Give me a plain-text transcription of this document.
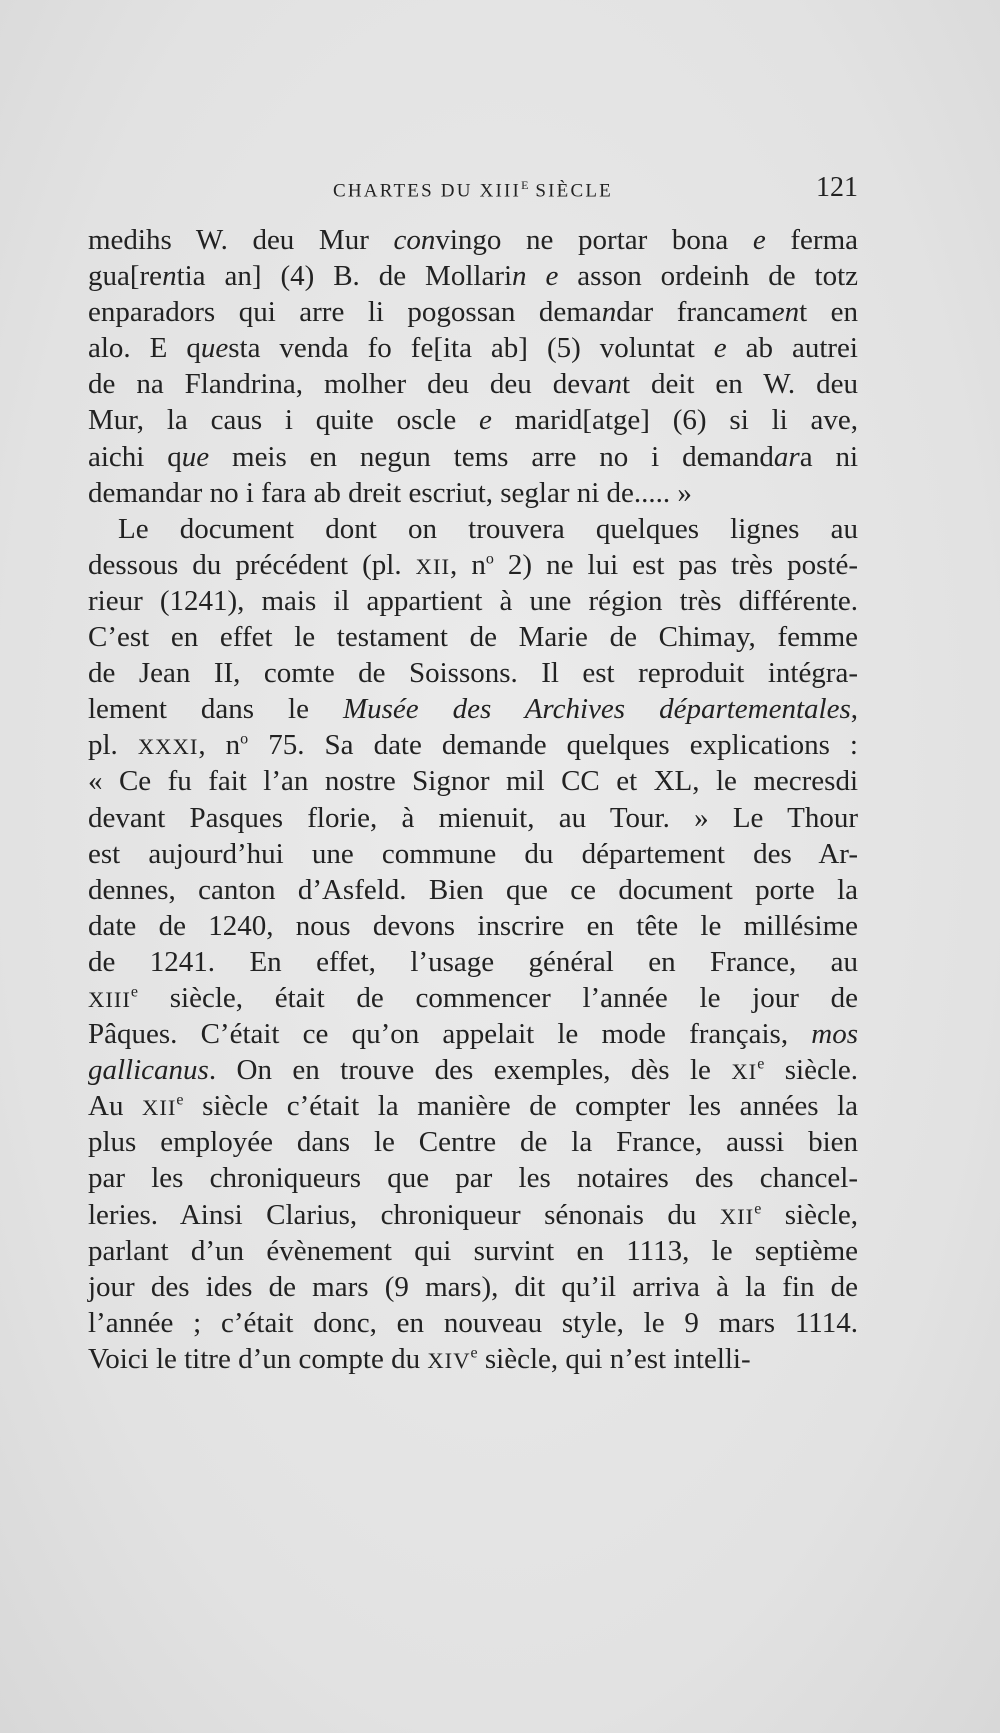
CHARTES DU $XIII^E$ SIÈCLE	121
medihs W. deu Mur convingo ne portar bona e ferma
gua[rentia an] (4) B. de Mollarin e asson ordeinh de totz
enparadors qui arre li pogossan demandar francament en
alo. E questa venda fo fe[ita ab] (5) voluntat e ab autrei
de na Flandrina, molher deu deu devant deit en W. deu
Mur, la caus i quite oscle e marid[atge] (6) si li ave,
aichi que meis en negun tems arre no i demandara ni
demandar no i fara ab dreit escriut, seglar ni de..... »
Le document dont on trouvera quelques lignes au
dessous du précédent (pl. XII, $n^o$ 2) ne lui est pas très posté-
rieur (1241), mais il appartient à une région très différente.
C’est en effet le testament de Marie de Chimay, femme
de Jean II, comte de Soissons. Il est reproduit intégra-
lement dans le Musée des Archives départementales,
pl. XXXI, $n^o$ 75. Sa date demande quelques explications :
« Ce fu fait l’an nostre Signor mil CC et XL, le mecresdi
devant Pasques florie, à mienuit, au Tour. » Le Thour
est aujourd’hui une commune du département des Ar-
dennes, canton d’Asfeld. Bien que ce document porte la
date de 1240, nous devons inscrire en tête le millésime
de 1241. En effet, l’usage général en France, au
XIIIe siècle, était de commencer l’année le jour de
Pâques. C’était ce qu’on appelait le mode français, mos
gallicanus. On en trouve des exemples, dès le XIe siècle.
Au XIIe siècle c’était la manière de compter les années la
plus employée dans le Centre de la France, aussi bien
par les chroniqueurs que par les notaires des chancel-
leries. Ainsi Clarius, chroniqueur sénonais du XIIe siècle,
parlant d’un évènement qui survint en 1113, le septième
jour des ides de mars (9 mars), dit qu’il arriva à la fin de
l’année ; c’était donc, en nouveau style, le 9 mars 1114.
Voici le titre d’un compte du XIVe siècle, qui n’est intelli-
